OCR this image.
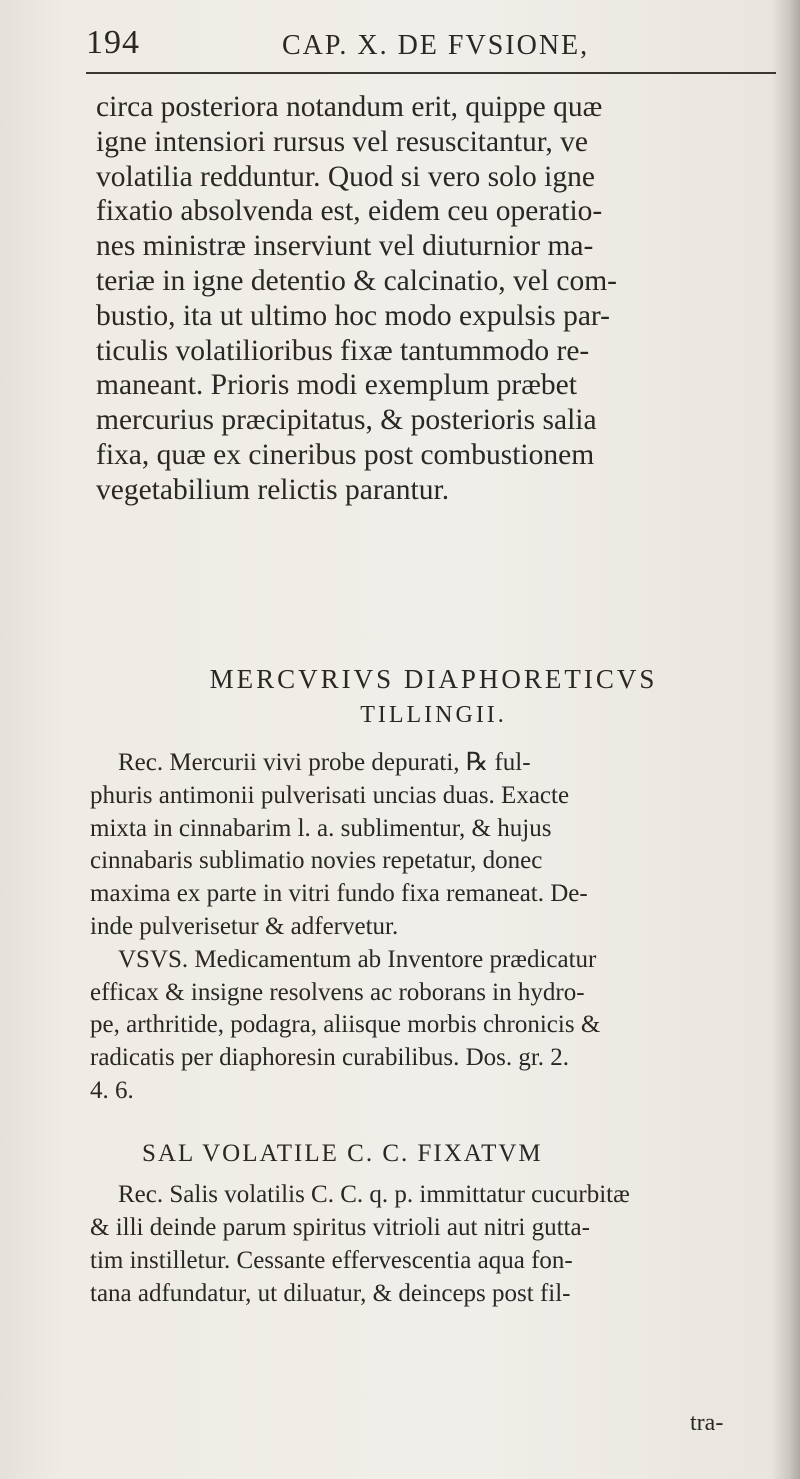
194	CAP. X. DE FVSIONE,
circa posteriora notandum erit, quippe quæ
igne intensiori rursus vel resuscitantur, ve
volatilia redduntur. Quod si vero solo igne
fixatio absolvenda est, eidem ceu operatio-
nes ministræ inserviunt vel diuturnior ma-
teriæ in igne detentio & calcinatio, vel com-
bustio, ita ut ultimo hoc modo expulsis par-
ticulis volatilioribus fixæ tantummodo re-
maneant. Prioris modi exemplum præbet
mercurius præcipitatus, & posterioris salia
fixa, quæ ex cineribus post combustionem
vegetabilium relictis parantur.
MERCVRIVS DIAPHORETICVS
TILLINGII.
Rec. Mercurii vivi probe depurati, ℞ ful-
phuris antimonii pulverisati uncias duas. Exacte
mixta in cinnabarim l. a. sublimentur, & hujus
cinnabaris sublimatio novies repetatur, donec
maxima ex parte in vitri fundo fixa remaneat. De-
inde pulverisetur & adfervetur.
VSVS. Medicamentum ab Inventore prædicatur
efficax & insigne resolvens ac roborans in hydro-
pe, arthritide, podagra, aliisque morbis chronicis &
radicatis per diaphoresin curabilibus. Dos. gr. 2.
4. 6.
SAL VOLATILE C. C. FIXATVM
Rec. Salis volatilis C. C. q. p. immittatur cucurbitæ
& illi deinde parum spiritus vitrioli aut nitri gutta-
tim instilletur. Cessante effervescentia aqua fon-
tana adfundatur, ut diluatur, & deinceps post fil-
tra-
